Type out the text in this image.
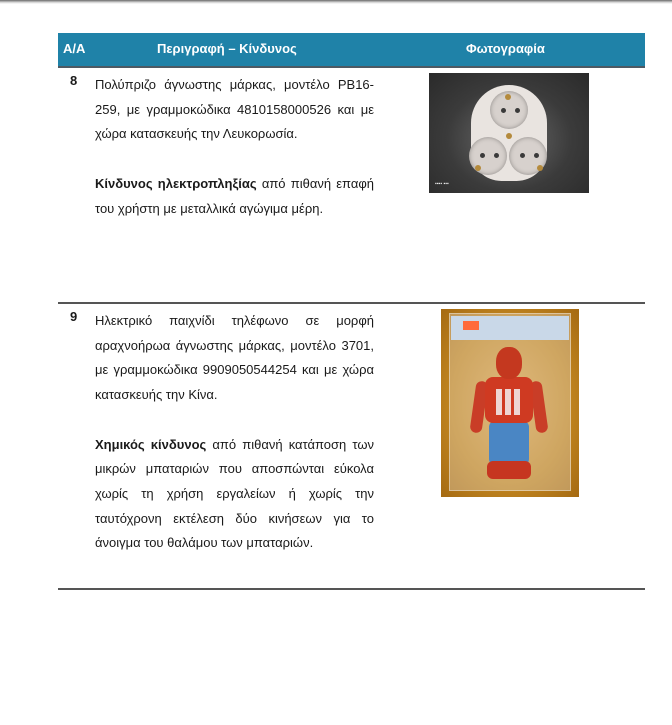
Α/Α	Περιγραφή – Κίνδυνος	Φωτογραφία
8 Πολύπριζο άγνωστης μάρκας, μοντέλο PB16-259, με γραμμοκώδικα 4810158000526 και με χώρα κατασκευής την Λευκορωσία.

Κίνδυνος ηλεκτροπληξίας από πιθανή επαφή του χρήστη με μεταλλικά αγώγιμα μέρη.

▪▪▪▪ ▪▪▪
9 Ηλεκτρικό παιχνίδι τηλέφωνο σε μορφή αραχνοήρωα άγνωστης μάρκας, μοντέλο 3701, με γραμμοκώδικα 9909050544254 και με χώρα κατασκευής την Κίνα.

Χημικός κίνδυνος από πιθανή κατάποση των μικρών μπαταριών που αποσπώνται εύκολα χωρίς τη χρήση εργαλείων ή χωρίς την ταυτόχρονη εκτέλεση δύο κινήσεων για το άνοιγμα του θαλάμου των μπαταριών.
